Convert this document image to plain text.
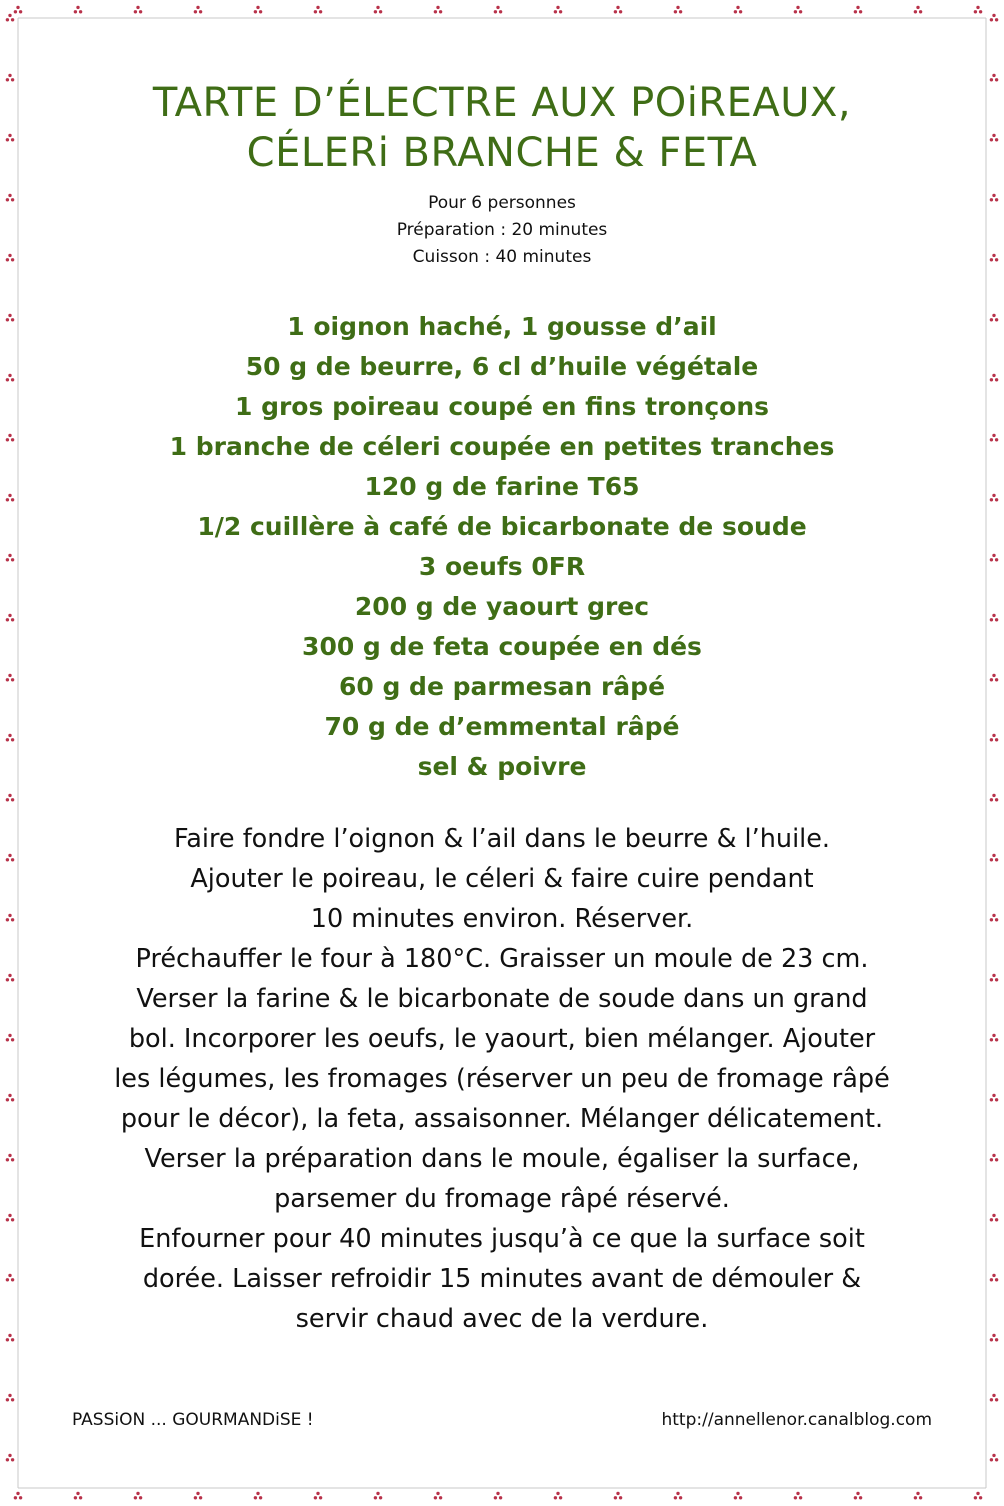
TARTE D’ÉLECTRE AUX POiREAUX,
CÉLERi BRANCHE & FETA
Pour 6 personnes
Préparation : 20 minutes
Cuisson : 40 minutes
1 oignon haché, 1 gousse d’ail
50 g de beurre, 6 cl d’huile végétale
1 gros poireau coupé en fins tronçons
1 branche de céleri coupée en petites tranches
120 g de farine T65
1/2 cuillère à café de bicarbonate de soude
3 oeufs 0FR
200 g de yaourt grec
300 g de feta coupée en dés
60 g de parmesan râpé
70 g de d’emmental râpé
sel & poivre
Faire fondre l’oignon & l’ail dans le beurre & l’huile.
Ajouter le poireau, le céleri & faire cuire pendant
10 minutes environ. Réserver.
Préchauffer le four à 180°C. Graisser un moule de 23 cm.
Verser la farine & le bicarbonate de soude dans un grand
bol. Incorporer les oeufs, le yaourt, bien mélanger. Ajouter
les légumes, les fromages (réserver un peu de fromage râpé
pour le décor), la feta, assaisonner. Mélanger délicatement.
Verser la préparation dans le moule, égaliser la surface,
parsemer du fromage râpé réservé.
Enfourner pour 40 minutes jusqu’à ce que la surface soit
dorée. Laisser refroidir 15 minutes avant de démouler &
servir chaud avec de la verdure.
PASSiON ... GOURMANDiSE !	http://annellenor.canalblog.com
